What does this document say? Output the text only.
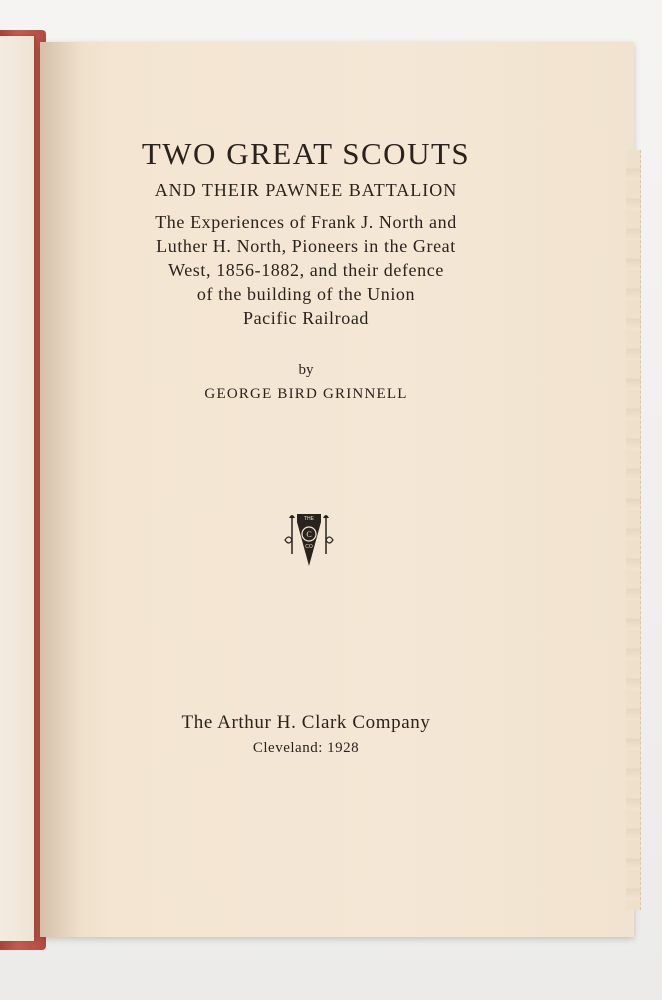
TWO GREAT SCOUTS
AND THEIR PAWNEE BATTALION
The Experiences of Frank J. North and
Luther H. North, Pioneers in the Great
West, 1856-1882, and their defence
of the building of the Union
Pacific Railroad
by
GEORGE BIRD GRINNELL
THE
C
CO
The Arthur H. Clark Company
Cleveland: 1928
